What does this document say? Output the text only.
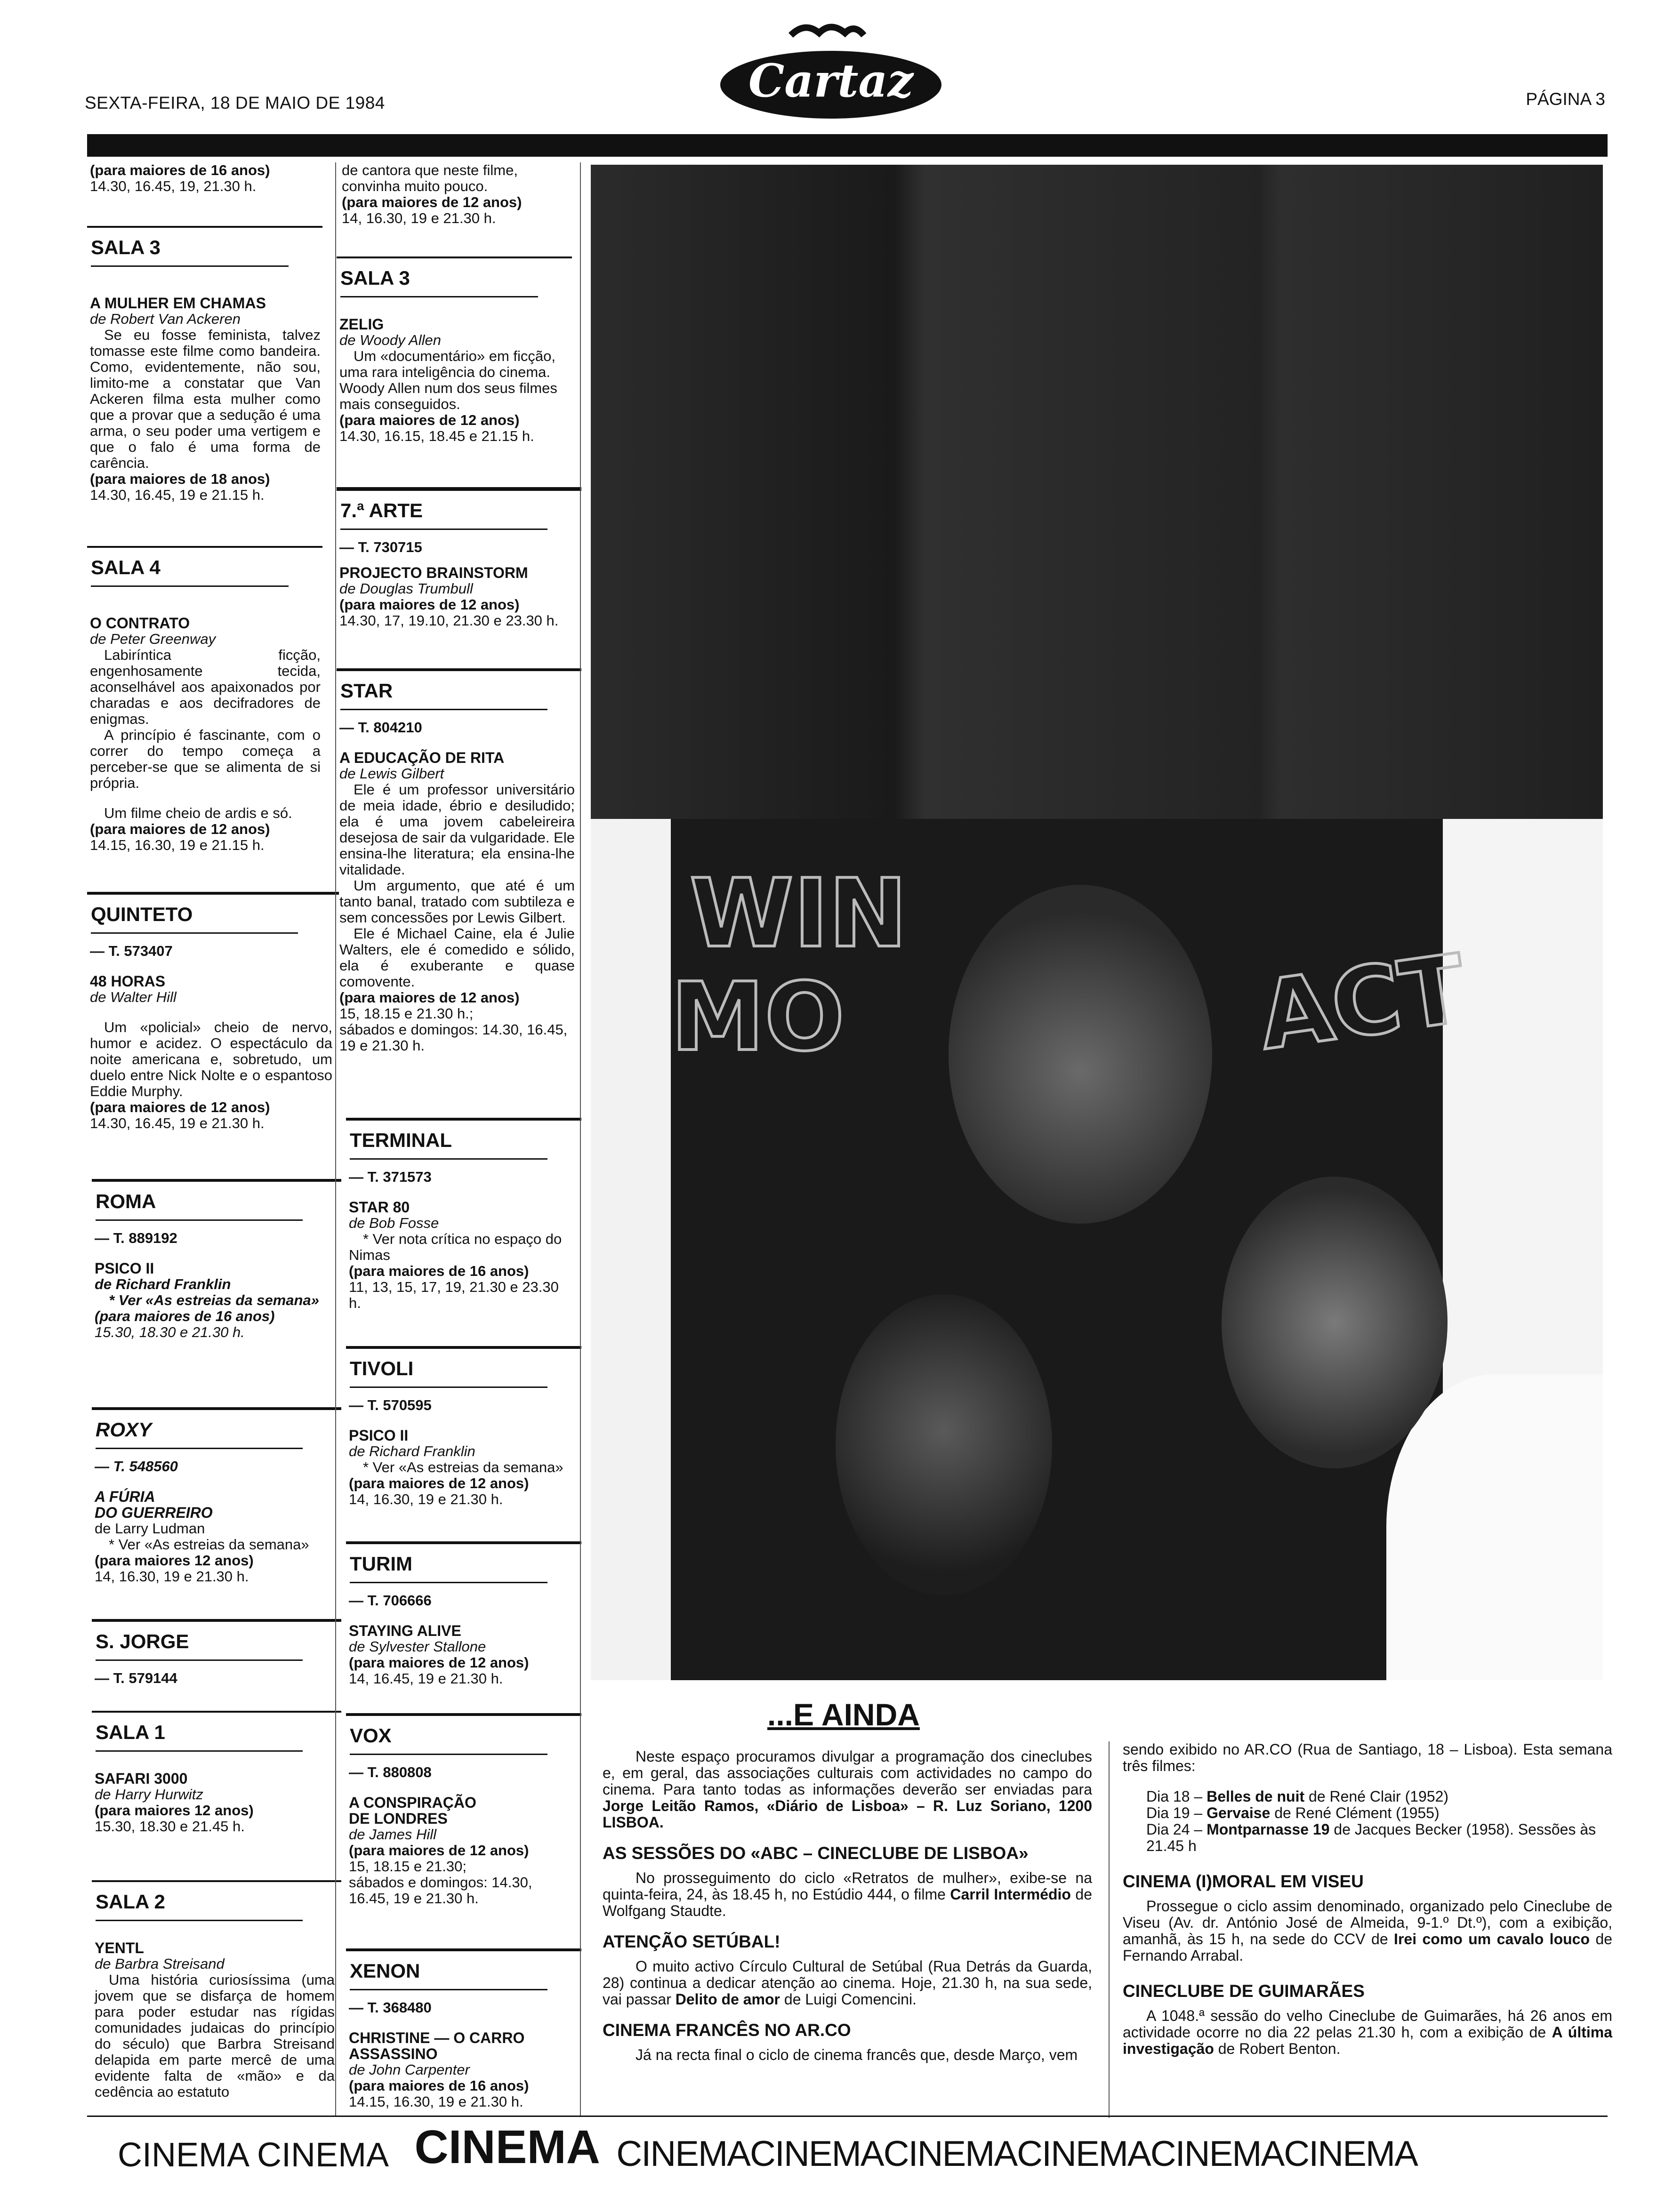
SEXTA-FEIRA, 18 DE MAIO DE 1984	Cartaz	PÁGINA 3

(para maiores de 16 anos)

14.30, 16.45, 19, 21.30 h.

SALA 3

A MULHER EM CHAMAS

de Robert Van Ackeren

Se eu fosse feminista, talvez tomasse este filme como bandeira. Como, evidentemente, não sou, limito-me a constatar que Van Ackeren filma esta mulher como que a provar que a sedução é uma arma, o seu poder uma vertigem e que o falo é uma forma de carência.

(para maiores de 18 anos)

14.30, 16.45, 19 e 21.15 h.

SALA 4

O CONTRATO

de Peter Greenway

Labiríntica ficção, engenhosamente tecida, aconselhável aos apaixonados por charadas e aos decifradores de enigmas.

A princípio é fascinante, com o correr do tempo começa a perceber-se que se alimenta de si própria.

Um filme cheio de ardis e só.

(para maiores de 12 anos)

14.15, 16.30, 19 e 21.15 h.

QUINTETO

— T. 573407

48 HORAS

de Walter Hill

Um «policial» cheio de nervo, humor e acidez. O espectáculo da noite americana e, sobretudo, um duelo entre Nick Nolte e o espantoso Eddie Murphy.

(para maiores de 12 anos)

14.30, 16.45, 19 e 21.30 h.

ROMA

— T. 889192

PSICO II

de Richard Franklin

* Ver «As estreias da semana»

(para maiores de 16 anos)

15.30, 18.30 e 21.30 h.

ROXY

— T. 548560

A FÚRIA

DO GUERREIRO

de Larry Ludman

* Ver «As estreias da semana»

(para maiores 12 anos)

14, 16.30, 19 e 21.30 h.

S. JORGE

— T. 579144

SALA 1

SAFARI 3000

de Harry Hurwitz

(para maiores 12 anos)

15.30, 18.30 e 21.45 h.

SALA 2

YENTL

de Barbra Streisand

Uma história curiosíssima (uma jovem que se disfarça de homem para poder estudar nas rígidas comunidades judaicas do princípio do século) que Barbra Streisand delapida em parte mercê de uma evidente falta de «mão» e da cedência ao estatuto

de cantora que neste filme, convinha muito pouco.

(para maiores de 12 anos)

14, 16.30, 19 e 21.30 h.

SALA 3

ZELIG

de Woody Allen

Um «documentário» em ficção, uma rara inteligência do cinema. Woody Allen num dos seus filmes mais conseguidos.

(para maiores de 12 anos)

14.30, 16.15, 18.45 e 21.15 h.

7.ª ARTE

— T. 730715

PROJECTO BRAINSTORM

de Douglas Trumbull

(para maiores de 12 anos)

14.30, 17, 19.10, 21.30 e 23.30 h.

STAR

— T. 804210

A EDUCAÇÃO DE RITA

de Lewis Gilbert

Ele é um professor universitário de meia idade, ébrio e desiludido; ela é uma jovem cabeleireira desejosa de sair da vulgaridade. Ele ensina-lhe literatura; ela ensina-lhe vitalidade.

Um argumento, que até é um tanto banal, tratado com subtileza e sem concessões por Lewis Gilbert.

Ele é Michael Caine, ela é Julie Walters, ele é comedido e sólido, ela é exuberante e quase comovente.

(para maiores de 12 anos)

15, 18.15 e 21.30 h.;

sábados e domingos: 14.30, 16.45, 19 e 21.30 h.

TERMINAL

— T. 371573

STAR 80

de Bob Fosse

* Ver nota crítica no espaço do Nimas

(para maiores de 16 anos)

11, 13, 15, 17, 19, 21.30 e 23.30 h.

TIVOLI

— T. 570595

PSICO II

de Richard Franklin

* Ver «As estreias da semana»

(para maiores de 12 anos)

14, 16.30, 19 e 21.30 h.

TURIM

— T. 706666

STAYING ALIVE

de Sylvester Stallone

(para maiores de 12 anos)

14, 16.45, 19 e 21.30 h.

VOX

— T. 880808

A CONSPIRAÇÃO

DE LONDRES

de James Hill

(para maiores de 12 anos)

15, 18.15 e 21.30;

sábados e domingos: 14.30, 16.45, 19 e 21.30 h.

XENON

— T. 368480

CHRISTINE — O CARRO

ASSASSINO

de John Carpenter

(para maiores de 16 anos)

14.15, 16.30, 19 e 21.30 h.

WIN
MO	ACT
...E AINDA

Neste espaço procuramos divulgar a programação dos cineclubes e, em geral, das associações culturais com actividades no campo do cinema. Para tanto todas as informações deverão ser enviadas para Jorge Leitão Ramos, «Diário de Lisboa» – R. Luz Soriano, 1200 LISBOA.

AS SESSÕES DO «ABC – CINECLUBE DE LISBOA»

No prosseguimento do ciclo «Retratos de mulher», exibe-se na quinta-feira, 24, às 18.45 h, no Estúdio 444, o filme Carril Intermédio de Wolfgang Staudte.

ATENÇÃO SETÚBAL!

O muito activo Círculo Cultural de Setúbal (Rua Detrás da Guarda, 28) continua a dedicar atenção ao cinema. Hoje, 21.30 h, na sua sede, vai passar Delito de amor de Luigi Comencini.

CINEMA FRANCÊS NO AR.CO

Já na recta final o ciclo de cinema francês que, desde Março, vem

sendo exibido no AR.CO (Rua de Santiago, 18 – Lisboa). Esta semana três filmes:

Dia 18 – Belles de nuit de René Clair (1952)

Dia 19 – Gervaise de René Clément (1955)

Dia 24 – Montparnasse 19 de Jacques Becker (1958). Sessões às 21.45 h

CINEMA (I)MORAL EM VISEU

Prossegue o ciclo assim denominado, organizado pelo Cineclube de Viseu (Av. dr. António José de Almeida, 9-1.º Dt.º), com a exibição, amanhã, às 15 h, na sede do CCV de Irei como um cavalo louco de Fernando Arrabal.

CINECLUBE DE GUIMARÃES

A 1048.ª sessão do velho Cineclube de Guimarães, há 26 anos em actividade ocorre no dia 22 pelas 21.30 h, com a exibição de A última investigação de Robert Benton.

CINEMA CINEMA CINEMA CINEMACINEMACINEMACINEMACINEMACINEMA
